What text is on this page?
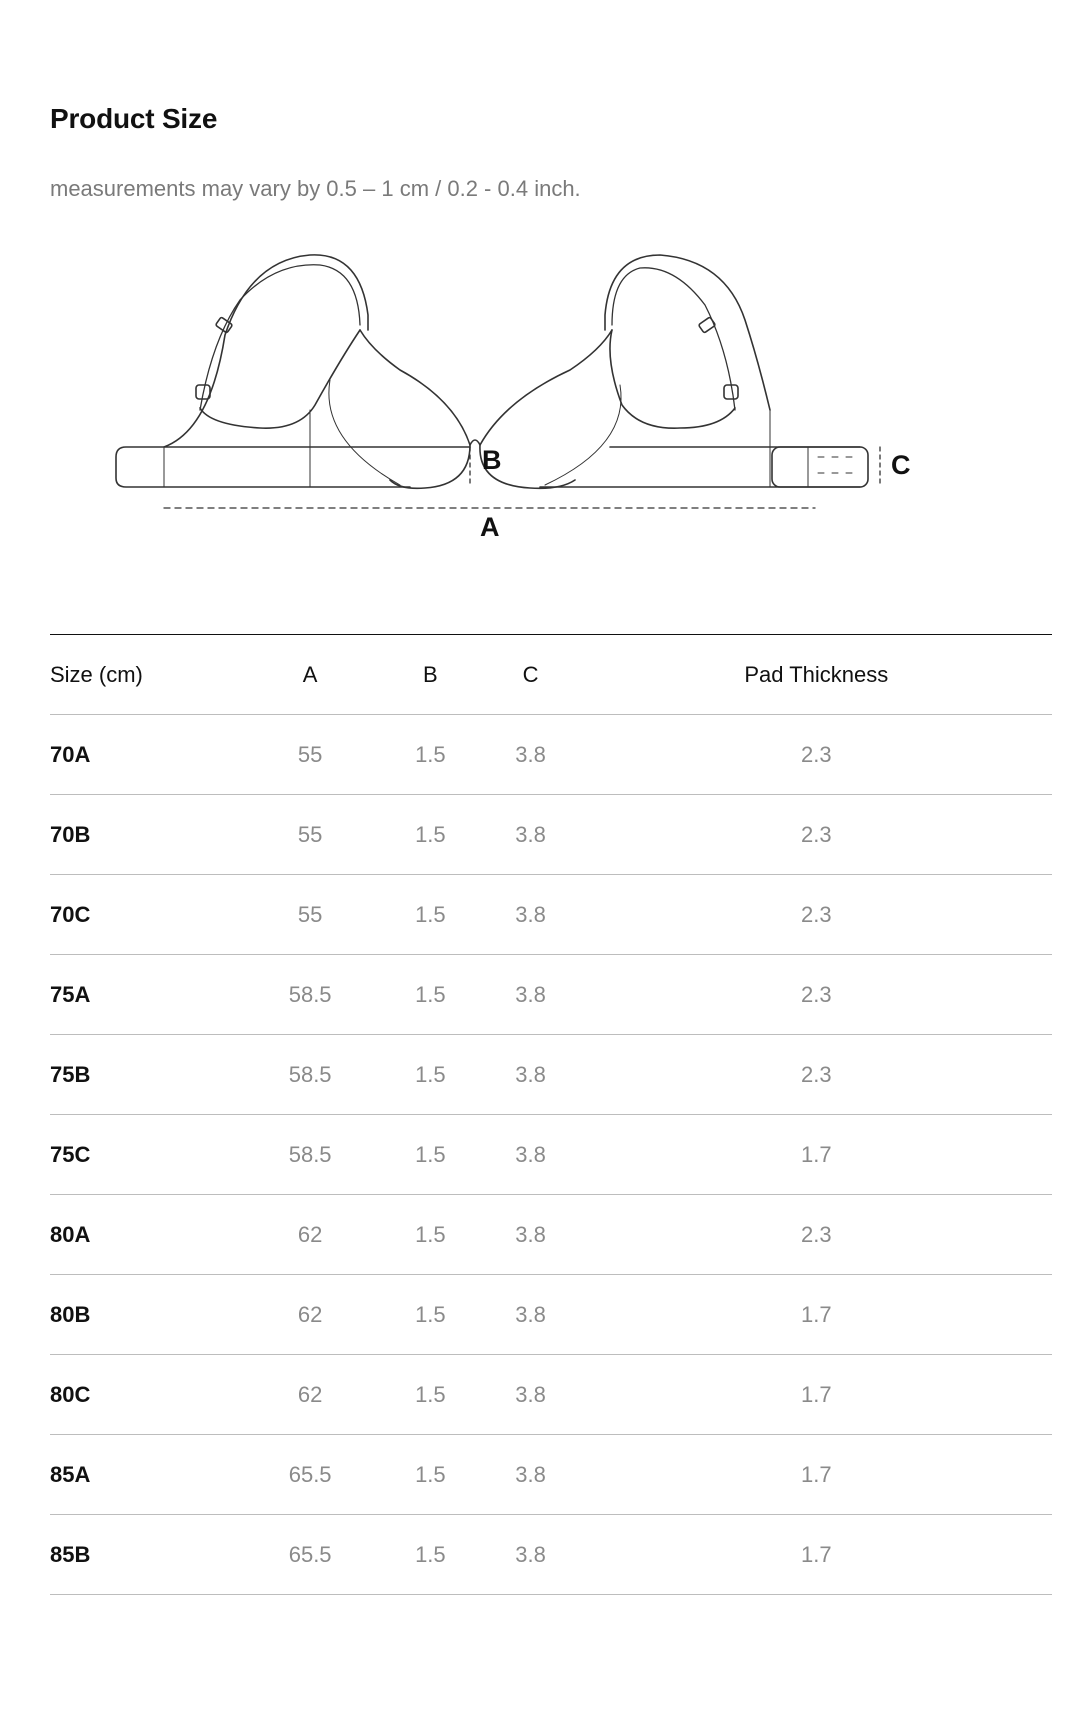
Product Size
measurements may vary by 0.5 – 1 cm / 0.2 - 0.4 inch.
A
B	C
Size (cm)	A	B	C	Pad Thickness
70A	55	1.5	3.8	2.3
70B	55	1.5	3.8	2.3
70C	55	1.5	3.8	2.3
75A	58.5	1.5	3.8	2.3
75B	58.5	1.5	3.8	2.3
75C	58.5	1.5	3.8	1.7
80A	62	1.5	3.8	2.3
80B	62	1.5	3.8	1.7
80C	62	1.5	3.8	1.7
85A	65.5	1.5	3.8	1.7
85B	65.5	1.5	3.8	1.7
